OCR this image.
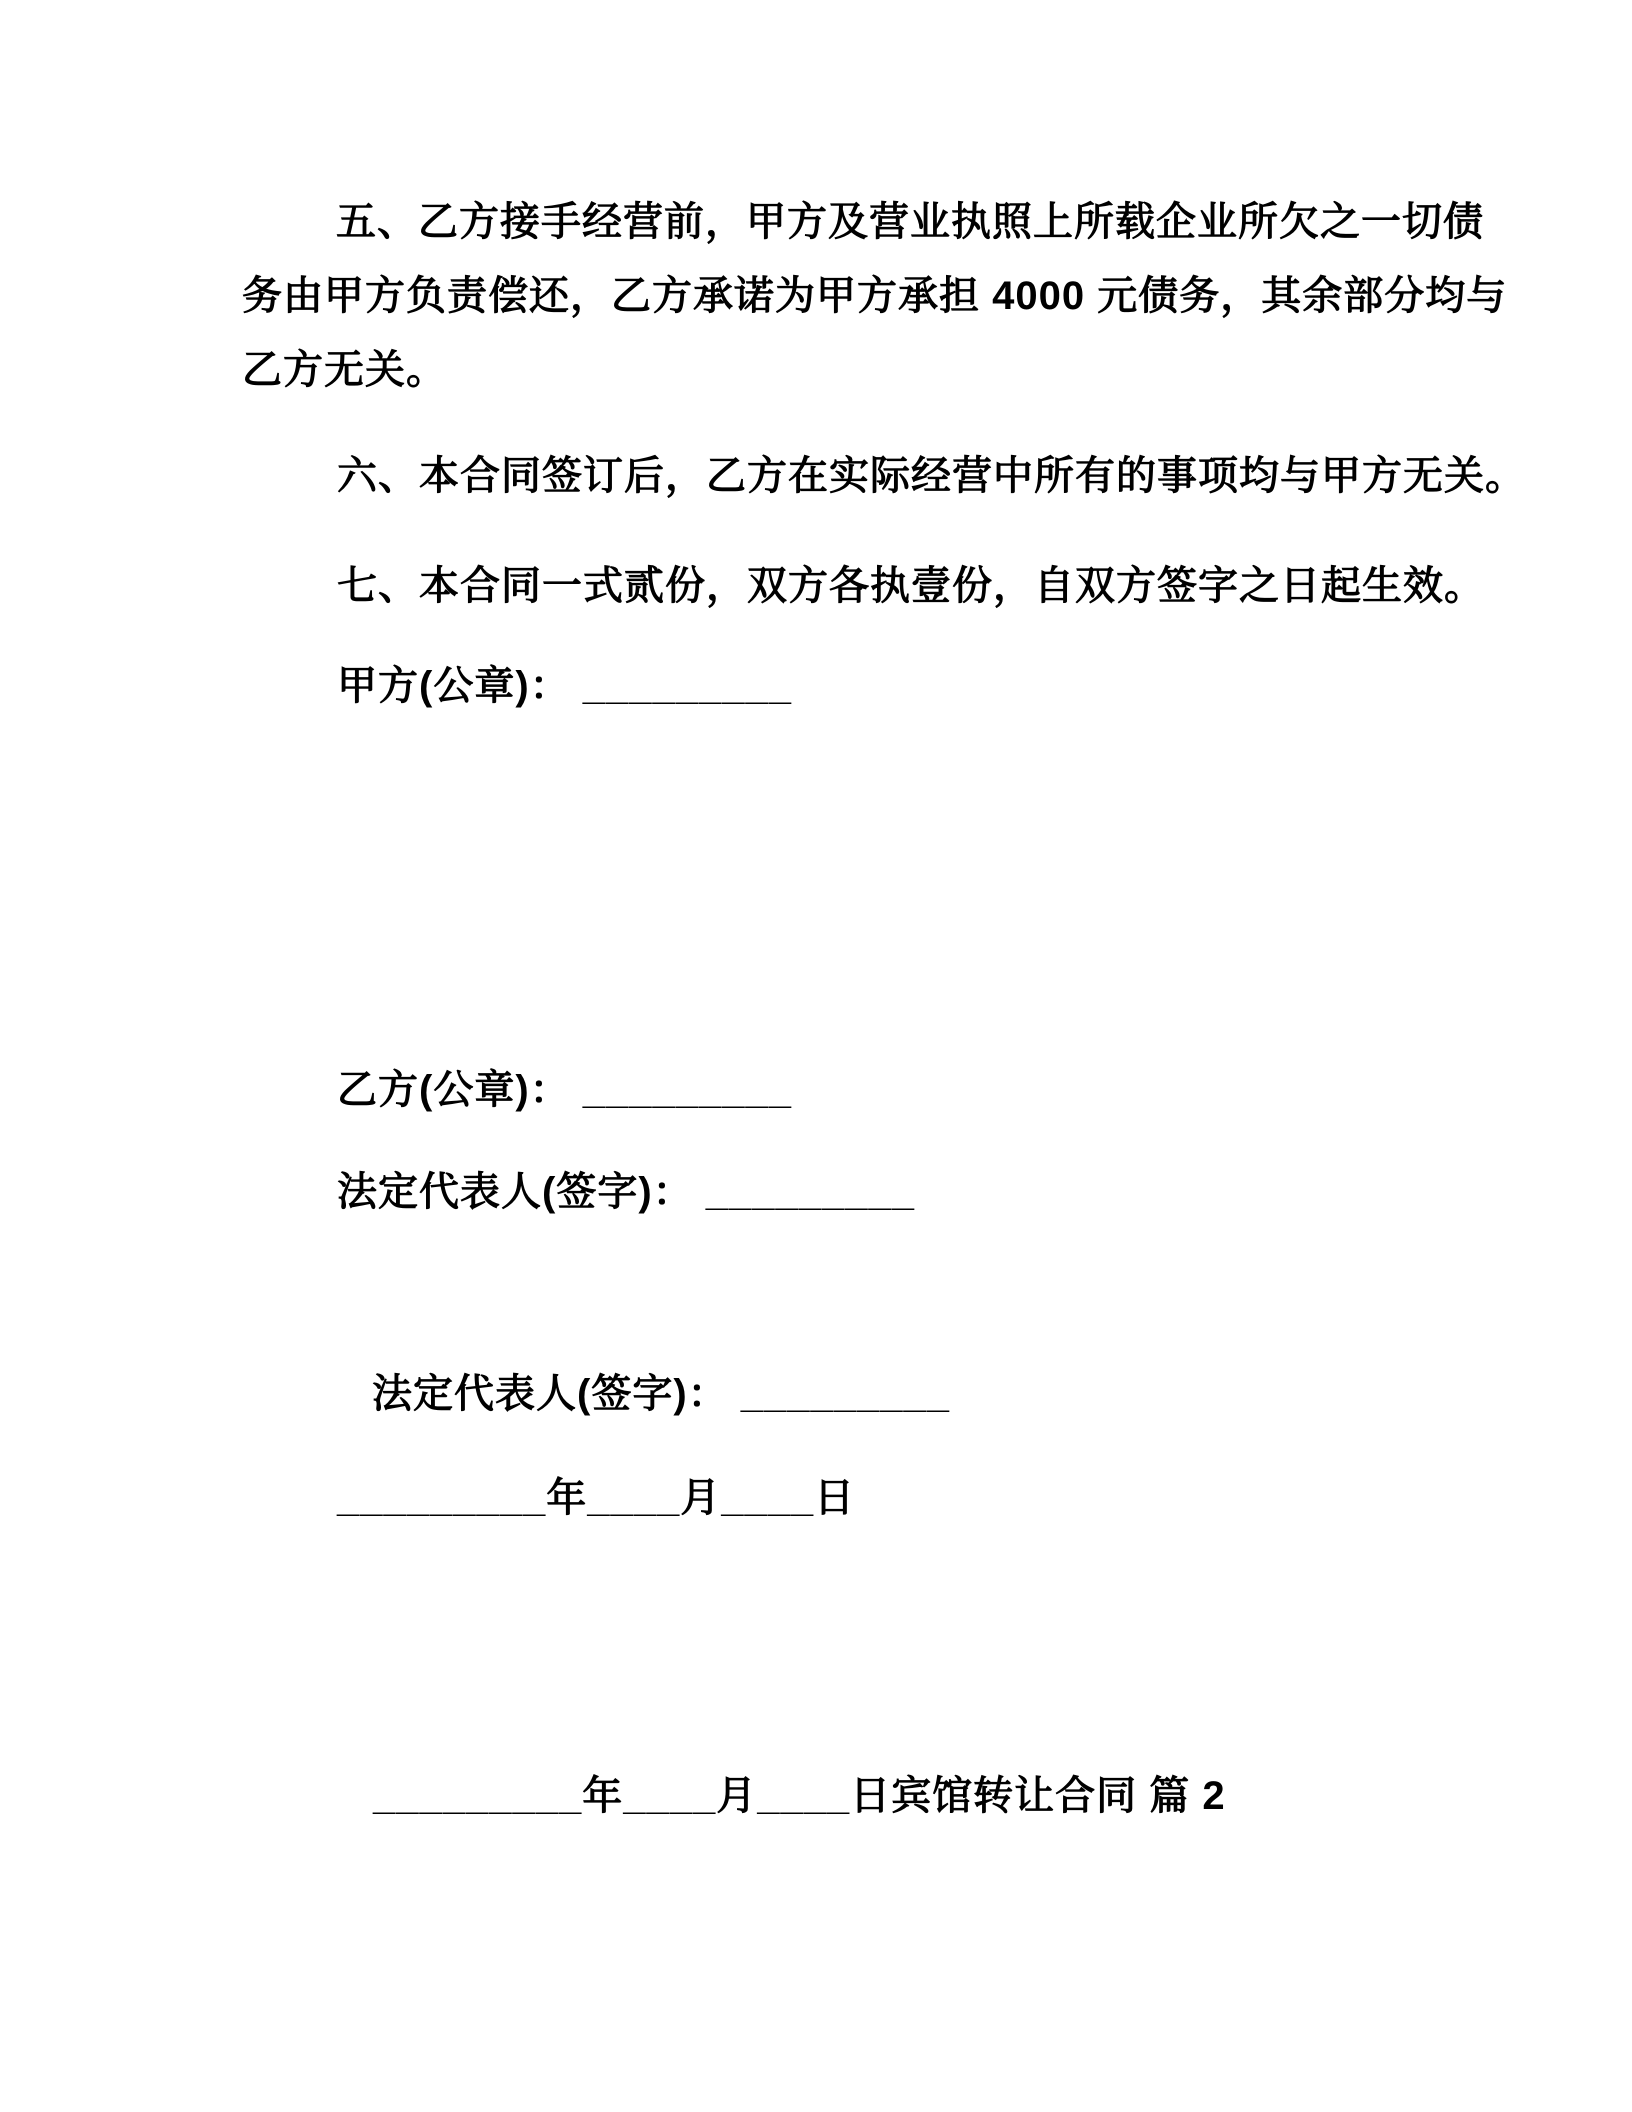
五、乙方接手经营前，甲方及营业执照上所载企业所欠之一切债
务由甲方负责偿还，乙方承诺为甲方承担 4000 元债务，其余部分均与
乙方无关。
六、本合同签订后，乙方在实际经营中所有的事项均与甲方无关。
七、本合同一式贰份，双方各执壹份，自双方签字之日起生效。
甲方(公章)： _________
乙方(公章)： _________
法定代表人(签字)： _________
法定代表人(签字)： _________
_________年____月____日
_________年____月____日宾馆转让合同 篇 2
